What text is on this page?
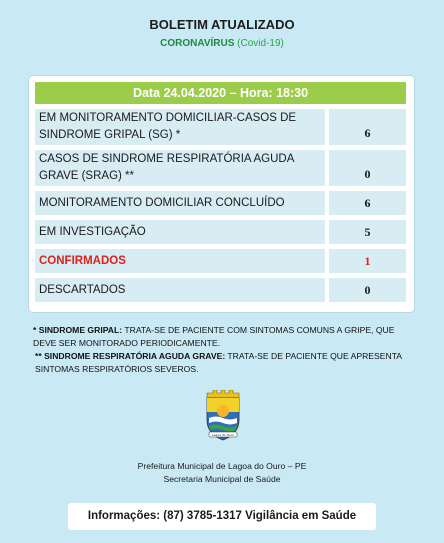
BOLETIM ATUALIZADO
CORONAVÍRUS (Covid-19)
Data 24.04.2020 – Hora: 18:30
EM MONITORAMENTO DOMICILIAR-CASOS DE SINDROME GRIPAL (SG) *	6
CASOS DE SINDROME RESPIRATÓRIA AGUDA GRAVE (SRAG) **	0
MONITORAMENTO DOMICILIAR CONCLUÍDO	6
EM INVESTIGAÇÃO	5
CONFIRMADOS	1
DESCARTADOS	0
* SINDROME GRIPAL: TRATA-SE DE PACIENTE COM SINTOMAS COMUNS A GRIPE, QUE DEVE SER MONITORADO PERIODICAMENTE.
** SINDROME RESPIRATÓRIA AGUDA GRAVE: TRATA-SE DE PACIENTE QUE APRESENTA SINTOMAS RESPIRATÓRIOS SEVEROS.
Lagoa do Ouro
Prefeitura Municipal de Lagoa do Ouro – PE
Secretaria Municipal de Saúde
Informações: (87) 3785-1317 Vigilância em Saúde
